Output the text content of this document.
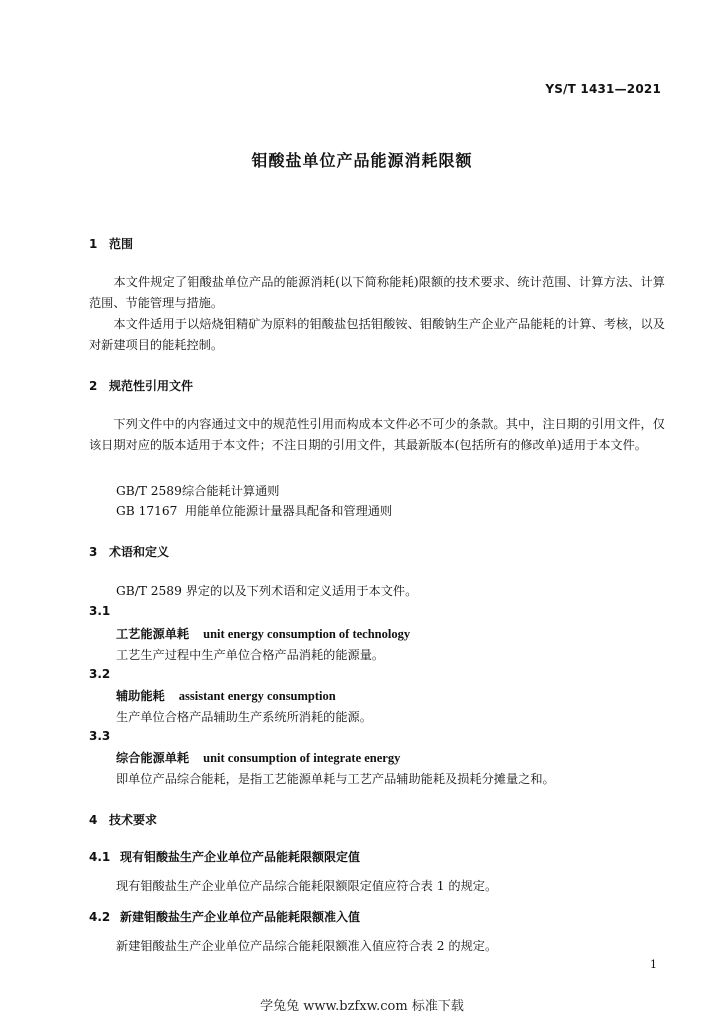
YS/T 1431—2021
钼酸盐单位产品能源消耗限额
1 范围
本文件规定了钼酸盐单位产品的能源消耗(以下简称能耗)限额的技术要求、统计范围、计算方法、计算范围、节能管理与措施。
本文件适用于以焙烧钼精矿为原料的钼酸盐包括钼酸铵、钼酸钠生产企业产品能耗的计算、考核，以及对新建项目的能耗控制。
2 规范性引用文件
下列文件中的内容通过文中的规范性引用而构成本文件必不可少的条款。其中，注日期的引用文件，仅该日期对应的版本适用于本文件；不注日期的引用文件，其最新版本(包括所有的修改单)适用于本文件。
GB/T 2589综合能耗计算通则
GB 17167 用能单位能源计量器具配备和管理通则
3 术语和定义
GB/T 2589 界定的以及下列术语和定义适用于本文件。
3.1
工艺能源单耗 unit energy consumption of technology
工艺生产过程中生产单位合格产品消耗的能源量。
3.2
辅助能耗 assistant energy consumption
生产单位合格产品辅助生产系统所消耗的能源。
3.3
综合能源单耗 unit consumption of integrate energy
即单位产品综合能耗，是指工艺能源单耗与工艺产品辅助能耗及损耗分摊量之和。
4 技术要求
4.1 现有钼酸盐生产企业单位产品能耗限额限定值
现有钼酸盐生产企业单位产品综合能耗限额限定值应符合表 1 的规定。
4.2 新建钼酸盐生产企业单位产品能耗限额准入值
新建钼酸盐生产企业单位产品综合能耗限额准入值应符合表 2 的规定。
1
学兔兔 www.bzfxw.com 标准下载
